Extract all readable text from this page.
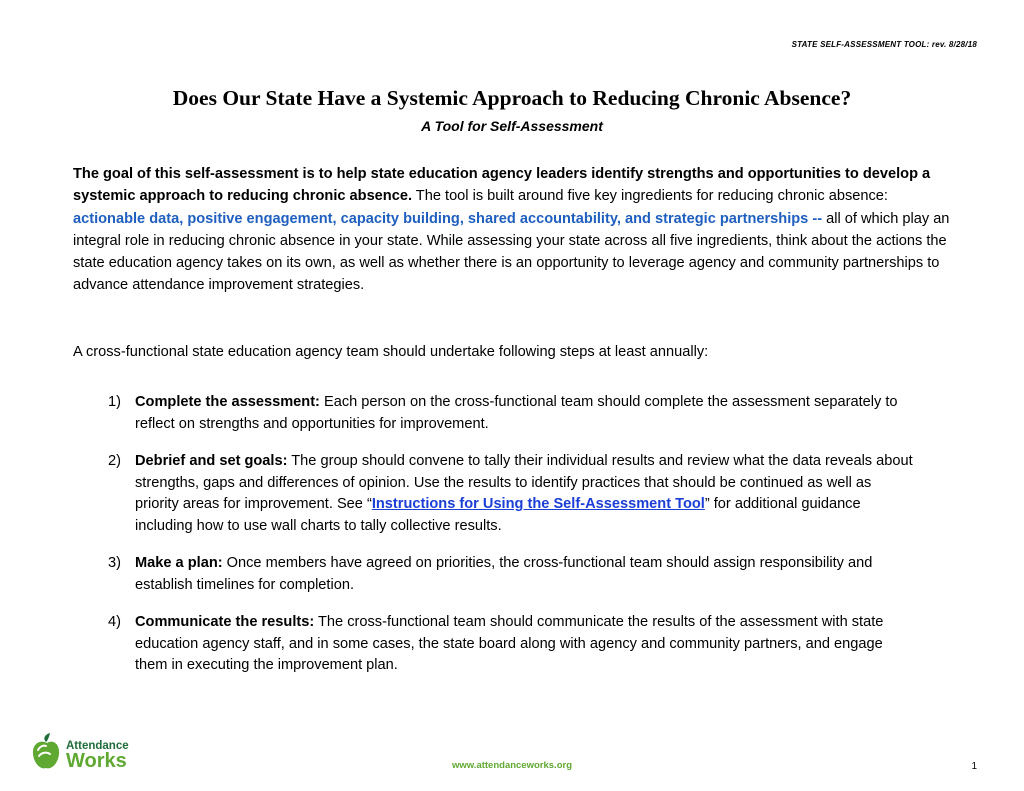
STATE SELF-ASSESSMENT TOOL: rev. 8/28/18
Does Our State Have a Systemic Approach to Reducing Chronic Absence?
A Tool for Self-Assessment

The goal of this self-assessment is to help state education agency leaders identify strengths and opportunities to develop a systemic approach to reducing chronic absence. The tool is built around five key ingredients for reducing chronic absence: actionable data, positive engagement, capacity building, shared accountability, and strategic partnerships -- all of which play an integral role in reducing chronic absence in your state. While assessing your state across all five ingredients, think about the actions the state education agency takes on its own, as well as whether there is an opportunity to leverage agency and community partnerships to advance attendance improvement strategies.

A cross-functional state education agency team should undertake following steps at least annually:

1) Complete the assessment: Each person on the cross-functional team should complete the assessment separately to reflect on strengths and opportunities for improvement.
2) Debrief and set goals: The group should convene to tally their individual results and review what the data reveals about strengths, gaps and differences of opinion. Use the results to identify practices that should be continued as well as priority areas for improvement. See “Instructions for Using the Self-Assessment Tool” for additional guidance including how to use wall charts to tally collective results.
3) Make a plan: Once members have agreed on priorities, the cross-functional team should assign responsibility and establish timelines for completion.
4) Communicate the results: The cross-functional team should communicate the results of the assessment with state education agency staff, and in some cases, the state board along with agency and community partners, and engage them in executing the improvement plan.
Attendance
Works	www.attendanceworks.org	1
